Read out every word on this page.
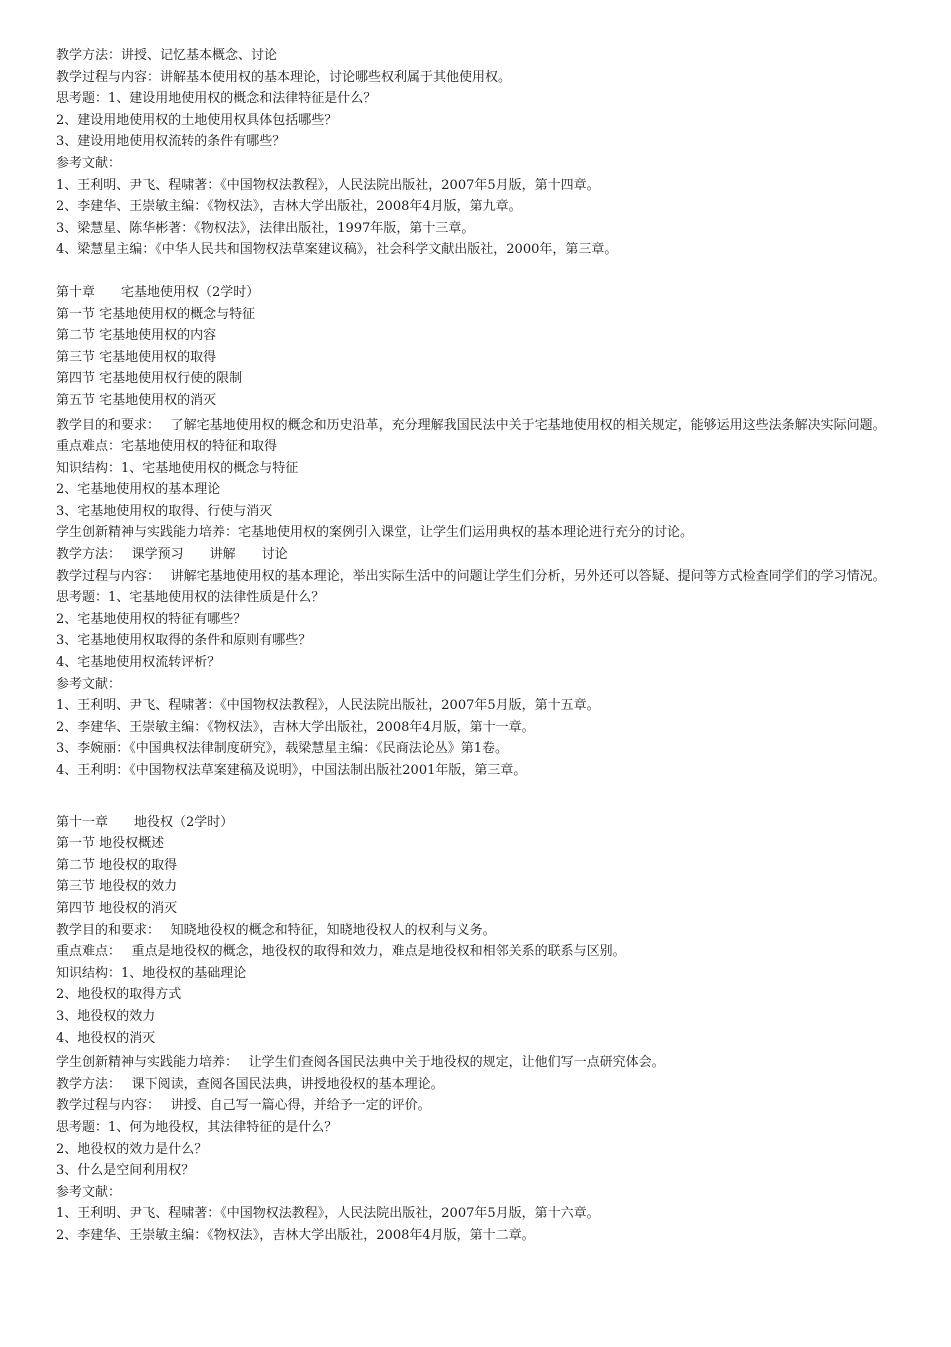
教学方法：讲授、记忆基本概念、讨论

教学过程与内容：讲解基本使用权的基本理论，讨论哪些权利属于其他使用权。

思考题：1、建设用地使用权的概念和法律特征是什么？

2、建设用地使用权的土地使用权具体包括哪些？

3、建设用地使用权流转的条件有哪些？

参考文献：

1、王利明、尹飞、程啸著：《中国物权法教程》，人民法院出版社，2007年5月版，第十四章。

2、李建华、王崇敏主编：《物权法》，吉林大学出版社，2008年4月版，第九章。

3、梁慧星、陈华彬著：《物权法》，法律出版社，1997年版，第十三章。

4、梁慧星主编：《中华人民共和国物权法草案建议稿》，社会科学文献出版社，2000年，第三章。

第十章　　宅基地使用权（2学时）

第一节 宅基地使用权的概念与特征

第二节 宅基地使用权的内容

第三节 宅基地使用权的取得

第四节 宅基地使用权行使的限制

第五节 宅基地使用权的消灭

教学目的和要求：　 了解宅基地使用权的概念和历史沿革，充分理解我国民法中关于宅基地使用权的相关规定，能够运用这些法条解决实际问题。

重点难点：宅基地使用权的特征和取得

知识结构：1、宅基地使用权的概念与特征

2、宅基地使用权的基本理论

3、宅基地使用权的取得、行使与消灭

学生创新精神与实践能力培养：宅基地使用权的案例引入课堂，让学生们运用典权的基本理论进行充分的讨论。

教学方法：　 课学预习　　讲解　　讨论

教学过程与内容：　 讲解宅基地使用权的基本理论，举出实际生活中的问题让学生们分析，另外还可以答疑、提问等方式检查同学们的学习情况。

思考题：1、宅基地使用权的法律性质是什么？

2、宅基地使用权的特征有哪些？

3、宅基地使用权取得的条件和原则有哪些？

4、宅基地使用权流转评析？

参考文献：

1、王利明、尹飞、程啸著：《中国物权法教程》，人民法院出版社，2007年5月版，第十五章。

2、李建华、王崇敏主编：《物权法》，吉林大学出版社，2008年4月版，第十一章。

3、李婉丽：《中国典权法律制度研究》，载梁慧星主编：《民商法论丛》第1卷。

4、王利明：《中国物权法草案建稿及说明》，中国法制出版社2001年版，第三章。

第十一章　　地役权（2学时）

第一节 地役权概述

第二节 地役权的取得

第三节 地役权的效力

第四节 地役权的消灭

教学目的和要求：　 知晓地役权的概念和特征，知晓地役权人的权利与义务。

重点难点：　 重点是地役权的概念，地役权的取得和效力，难点是地役权和相邻关系的联系与区别。

知识结构：1、地役权的基础理论

2、地役权的取得方式

3、地役权的效力

4、地役权的消灭

学生创新精神与实践能力培养：　 让学生们查阅各国民法典中关于地役权的规定，让他们写一点研究体会。

教学方法：　 课下阅读，查阅各国民法典，讲授地役权的基本理论。

教学过程与内容：　 讲授、自己写一篇心得，并给予一定的评价。

思考题：1、何为地役权，其法律特征的是什么？

2、地役权的效力是什么？

3、什么是空间利用权？

参考文献：

1、王利明、尹飞、程啸著：《中国物权法教程》，人民法院出版社，2007年5月版，第十六章。

2、李建华、王崇敏主编：《物权法》，吉林大学出版社，2008年4月版，第十二章。
